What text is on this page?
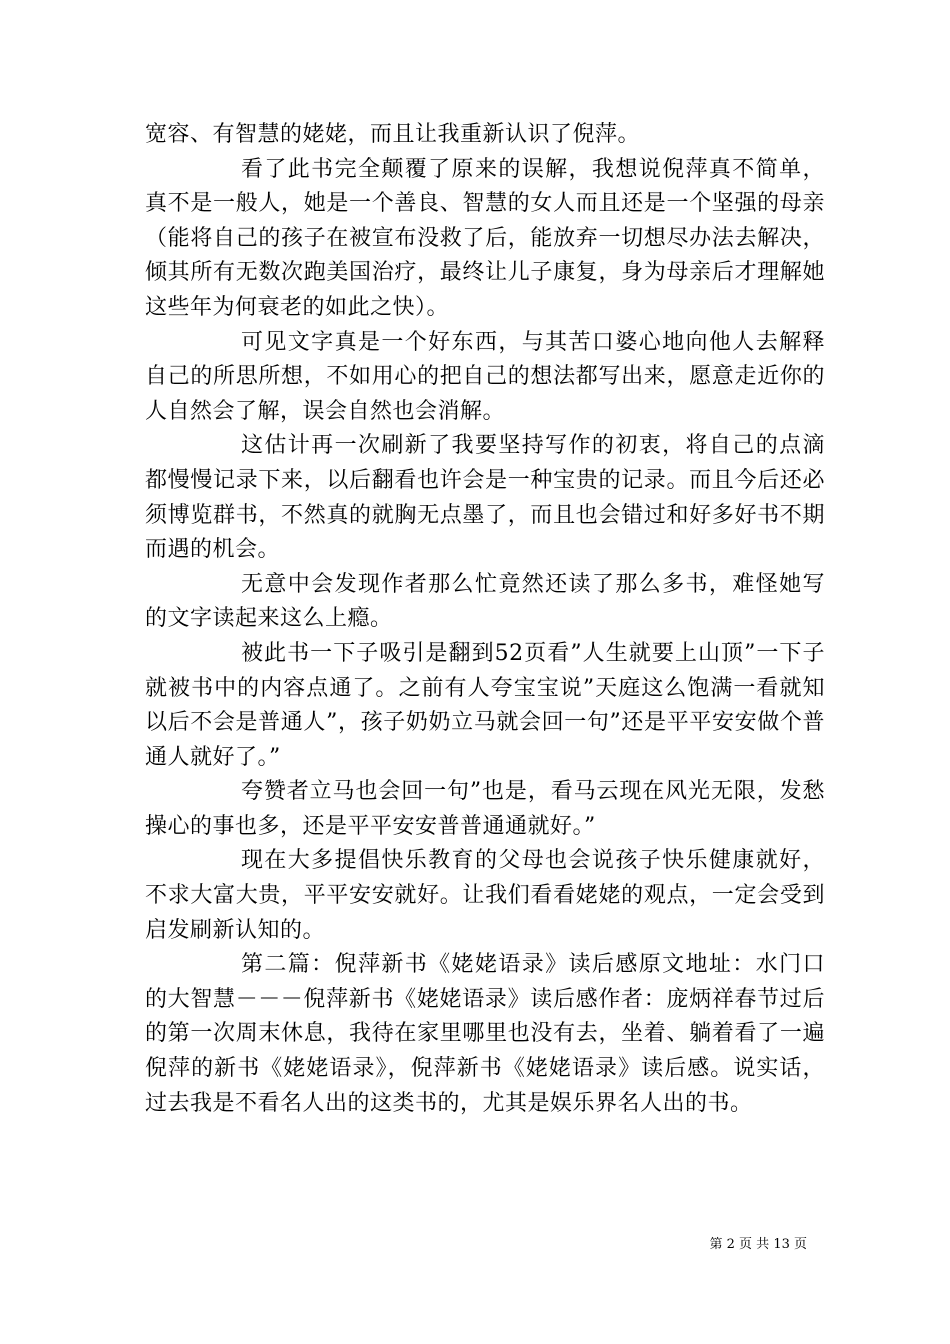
宽容、有智慧的姥姥，而且让我重新认识了倪萍。

看了此书完全颠覆了原来的误解，我想说倪萍真不简单，真不是一般人，她是一个善良、智慧的女人而且还是一个坚强的母亲（能将自己的孩子在被宣布没救了后，能放弃一切想尽办法去解决，倾其所有无数次跑美国治疗，最终让儿子康复，身为母亲后才理解她这些年为何衰老的如此之快）。

可见文字真是一个好东西，与其苦口婆心地向他人去解释自己的所思所想，不如用心的把自己的想法都写出来，愿意走近你的人自然会了解，误会自然也会消解。

这估计再一次刷新了我要坚持写作的初衷，将自己的点滴都慢慢记录下来，以后翻看也许会是一种宝贵的记录。而且今后还必须博览群书，不然真的就胸无点墨了，而且也会错过和好多好书不期而遇的机会。

无意中会发现作者那么忙竟然还读了那么多书，难怪她写的文字读起来这么上瘾。

被此书一下子吸引是翻到52页看”人生就要上山顶”一下子就被书中的内容点通了。之前有人夸宝宝说”天庭这么饱满一看就知以后不会是普通人”，孩子奶奶立马就会回一句”还是平平安安做个普通人就好了。”

夸赞者立马也会回一句”也是，看马云现在风光无限，发愁操心的事也多，还是平平安安普普通通就好。”

现在大多提倡快乐教育的父母也会说孩子快乐健康就好，不求大富大贵，平平安安就好。让我们看看姥姥的观点，一定会受到启发刷新认知的。

第二篇：倪萍新书《姥姥语录》读后感原文地址：水门口的大智慧－－－倪萍新书《姥姥语录》读后感作者：庞炳祥春节过后的第一次周末休息，我待在家里哪里也没有去，坐着、躺着看了一遍倪萍的新书《姥姥语录》，倪萍新书《姥姥语录》读后感。说实话，过去我是不看名人出的这类书的，尤其是娱乐界名人出的书。

第 2 页 共 13 页
